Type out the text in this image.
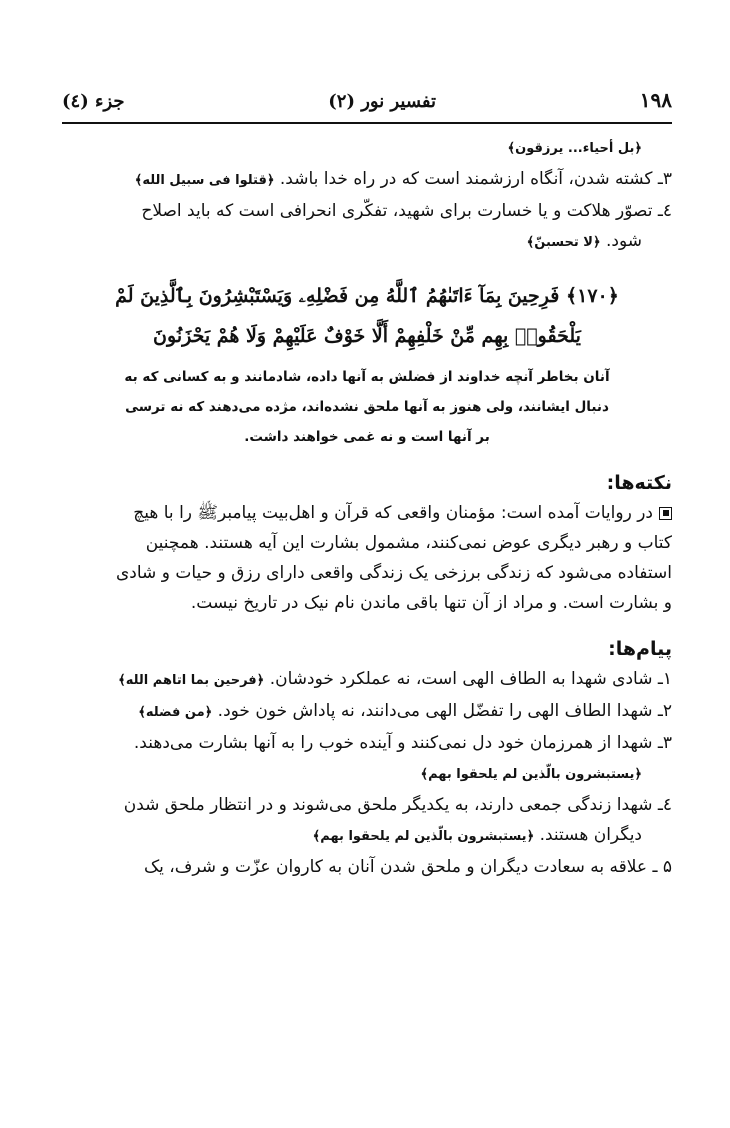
۱۹۸
تفسیر نور (۲)
جزء (٤)
﴿بل أحياء... يرزقون﴾
۳ـ کشته شدن، آنگاه ارزشمند است که در راه خدا باشد. ﴿قتلوا فى سبيل الله﴾
٤ـ تصوّر هلاکت و یا خسارت برای شهید، تفکّری انحرافی است که باید اصلاح
شود. ﴿لا تحسبنّ﴾
﴿۱۷۰﴾ فَرِحِينَ بِمَآ ءَاتَىٰهُمُ ٱللَّهُ مِن فَضْلِهِۦ وَيَسْتَبْشِرُونَ بِٱلَّذِينَ لَمْ
يَلْحَقُوا۟ بِهِم مِّنْ خَلْفِهِمْ أَلَّا خَوْفٌ عَلَيْهِمْ وَلَا هُمْ يَحْزَنُونَ
آنان بخاطر آنچه خداوند از فضلش به آنها داده، شادمانند و به کسانی که به
دنبال ایشانند، ولی هنوز به آنها ملحق نشده‌اند، مژده می‌دهند که نه ترسی
بر آنها است و نه غمی خواهند داشت.
نکته‌ها:
در روایات آمده است: مؤمنان واقعی که قرآن و اهل‌بیت پیامبرﷺ را با هیچ
کتاب و رهبر دیگری عوض نمی‌کنند، مشمول بشارت این آیه هستند. همچنین
استفاده می‌شود که زندگی برزخی یک زندگی واقعی دارای رزق و حیات و شادی
و بشارت است. و مراد از آن تنها باقی ماندن نام نیک در تاریخ نیست.
پیام‌ها:
۱ـ شادی شهدا به الطاف الهی است، نه عملکرد خودشان. ﴿فرحين بما اتاهم الله﴾
۲ـ شهدا الطاف الهی را تفضّل الهی می‌دانند، نه پاداش خون خود. ﴿من فضله﴾
۳ـ شهدا از همرزمان خود دل نمی‌کنند و آینده خوب را به آنها بشارت می‌دهند.
﴿يستبشرون بالّذين لم يلحقوا بهم﴾
٤ـ شهدا زندگی جمعی دارند، به یکدیگر ملحق می‌شوند و در انتظار ملحق شدن
دیگران هستند. ﴿يستبشرون بالّذين لم يلحقوا بهم﴾
۵ ـ علاقه به سعادت دیگران و ملحق شدن آنان به کاروان عزّت و شرف، یک
